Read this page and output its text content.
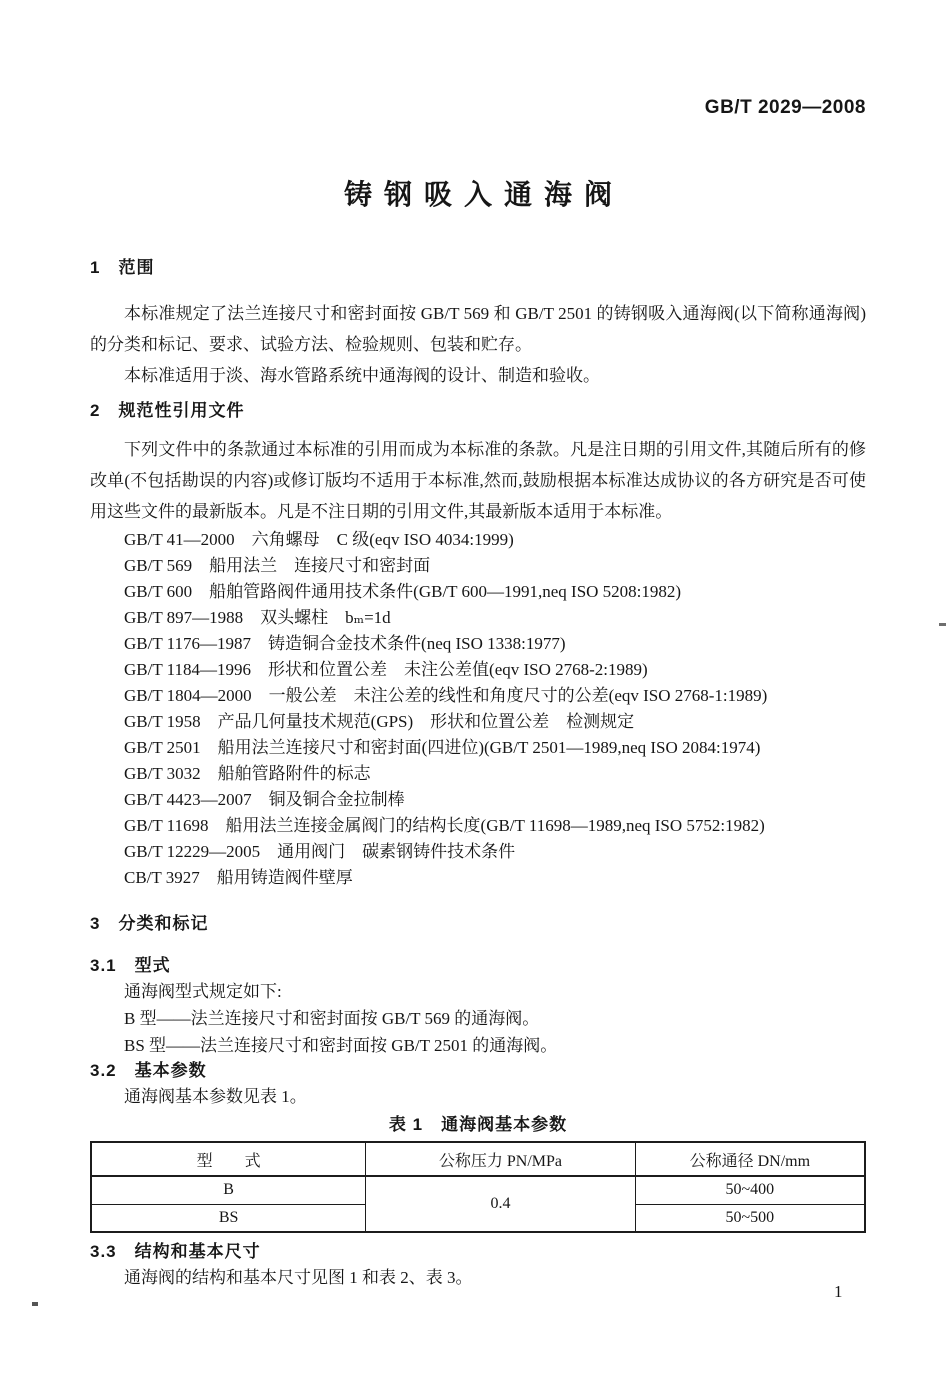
GB/T 2029—2008
铸钢吸入通海阀
1　范围

本标准规定了法兰连接尺寸和密封面按 GB/T 569 和 GB/T 2501 的铸钢吸入通海阀(以下简称通海阀)的分类和标记、要求、试验方法、检验规则、包装和贮存。

本标准适用于淡、海水管路系统中通海阀的设计、制造和验收。

2　规范性引用文件

下列文件中的条款通过本标准的引用而成为本标准的条款。凡是注日期的引用文件,其随后所有的修改单(不包括勘误的内容)或修订版均不适用于本标准,然而,鼓励根据本标准达成协议的各方研究是否可使用这些文件的最新版本。凡是不注日期的引用文件,其最新版本适用于本标准。

GB/T 41—2000　六角螺母　C 级(eqv ISO 4034:1999)
GB/T 569　船用法兰　连接尺寸和密封面
GB/T 600　船舶管路阀件通用技术条件(GB/T 600—1991,neq ISO 5208:1982)
GB/T 897—1988　双头螺柱　bₘ=1d
GB/T 1176—1987　铸造铜合金技术条件(neq ISO 1338:1977)
GB/T 1184—1996　形状和位置公差　未注公差值(eqv ISO 2768-2:1989)
GB/T 1804—2000　一般公差　未注公差的线性和角度尺寸的公差(eqv ISO 2768-1:1989)
GB/T 1958　产品几何量技术规范(GPS)　形状和位置公差　检测规定
GB/T 2501　船用法兰连接尺寸和密封面(四进位)(GB/T 2501—1989,neq ISO 2084:1974)
GB/T 3032　船舶管路附件的标志
GB/T 4423—2007　铜及铜合金拉制棒
GB/T 11698　船用法兰连接金属阀门的结构长度(GB/T 11698—1989,neq ISO 5752:1982)
GB/T 12229—2005　通用阀门　碳素钢铸件技术条件
CB/T 3927　船用铸造阀件壁厚
3　分类和标记
3.1　型式

通海阀型式规定如下:

B 型——法兰连接尺寸和密封面按 GB/T 569 的通海阀。

BS 型——法兰连接尺寸和密封面按 GB/T 2501 的通海阀。

3.2　基本参数

通海阀基本参数见表 1。

表 1　通海阀基本参数
型　　式	公称压力 PN/MPa	公称通径 DN/mm
B	0.4	50~400
BS		50~500
3.3　结构和基本尺寸

通海阀的结构和基本尺寸见图 1 和表 2、表 3。

1
